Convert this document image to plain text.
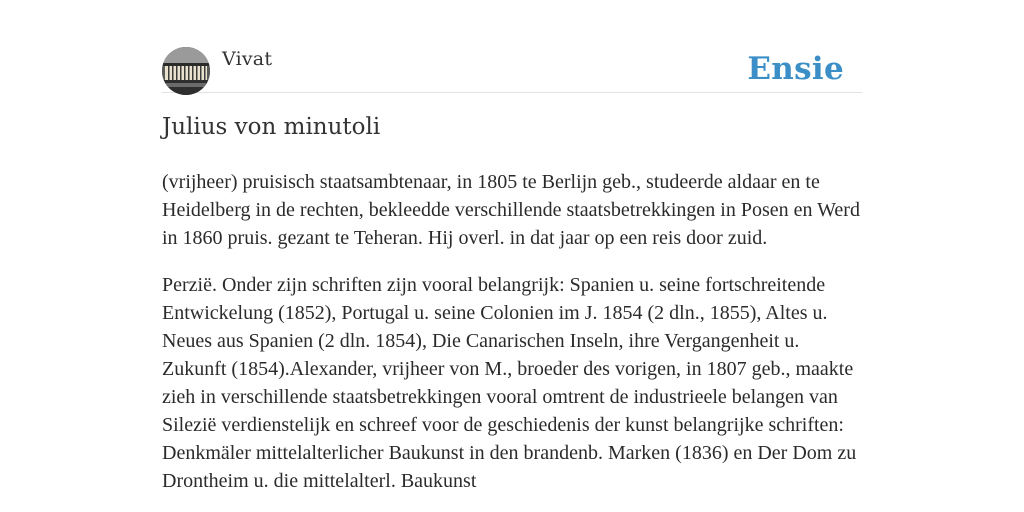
Vivat	Ensie
Julius von minutoli

(vrijheer) pruisisch staatsambtenaar, in 1805 te Berlijn geb., studeerde aldaar en te Heidelberg in de rechten, bekleedde verschillende staatsbetrekkingen in Posen en Werd in 1860 pruis. gezant te Teheran. Hij overl. in dat jaar op een reis door zuid.

Perzië. Onder zijn schriften zijn vooral belangrijk: Spanien u. seine fortschreitende Entwickelung (1852), Portugal u. seine Colonien im J. 1854 (2 dln., 1855), Altes u. Neues aus Spanien (2 dln. 1854), Die Canarischen Inseln, ihre Vergangenheit u. Zukunft (1854).Alexander, vrijheer von M., broeder des vorigen, in 1807 geb., maakte zieh in verschillende staatsbetrekkingen vooral omtrent de industrieele belangen van Silezië verdienstelijk en schreef voor de geschiedenis der kunst belangrijke schriften: Denkmäler mittelalterlicher Baukunst in den brandenb. Marken (1836) en Der Dom zu Drontheim u. die mittelalterl. Baukunst
